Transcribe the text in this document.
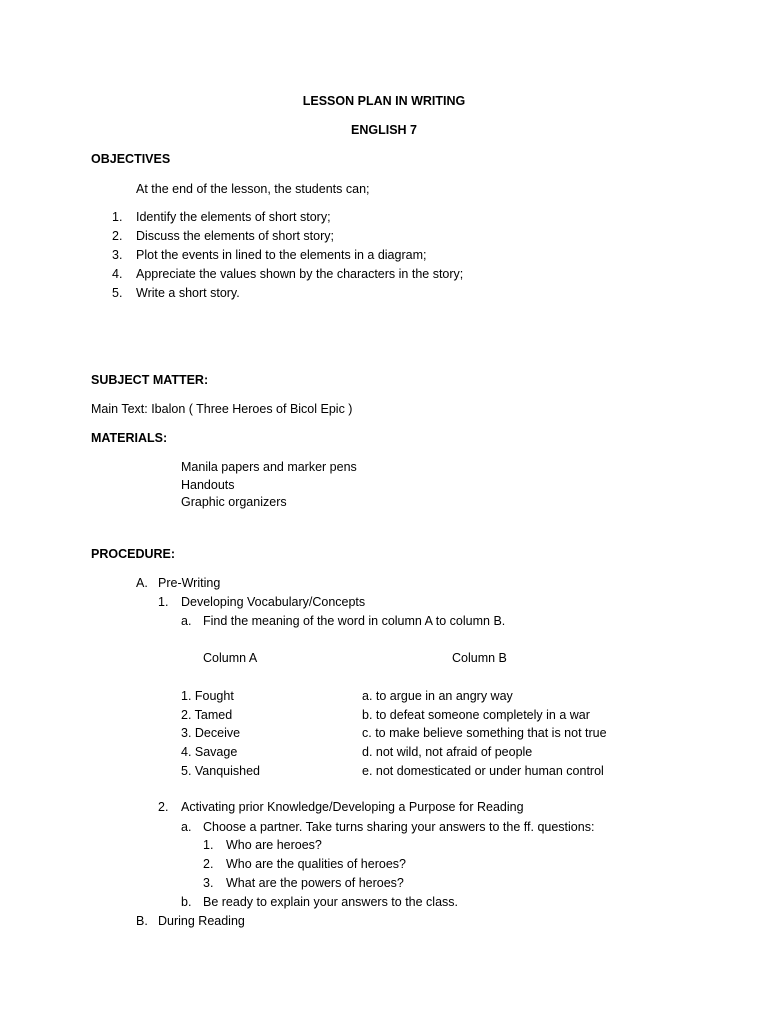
LESSON PLAN IN WRITING
ENGLISH 7
OBJECTIVES
At the end of the lesson, the students can;
1. Identify the elements of short story;
2. Discuss the elements of short story;
3. Plot the events in lined to the elements in a diagram;
4. Appreciate the values shown by the characters in the story;
5. Write a short story.
SUBJECT MATTER:
Main Text: Ibalon ( Three Heroes of Bicol Epic )
MATERIALS:
Manila papers and marker pens
Handouts
Graphic organizers
PROCEDURE:
A. Pre-Writing
1. Developing Vocabulary/Concepts
a. Find the meaning of the word in column A to column B.
Column A	Column B
1. Fought	a. to argue in an angry way
2. Tamed	b. to defeat someone completely in a war
3. Deceive	c. to make believe something that is not true
4. Savage	d. not wild, not afraid of people
5. Vanquished	e. not domesticated or under human control
2. Activating prior Knowledge/Developing a Purpose for Reading
a. Choose a partner. Take turns sharing your answers to the ff. questions:
1. Who are heroes?
2. Who are the qualities of heroes?
3. What are the powers of heroes?
b. Be ready to explain your answers to the class.
B. During Reading
